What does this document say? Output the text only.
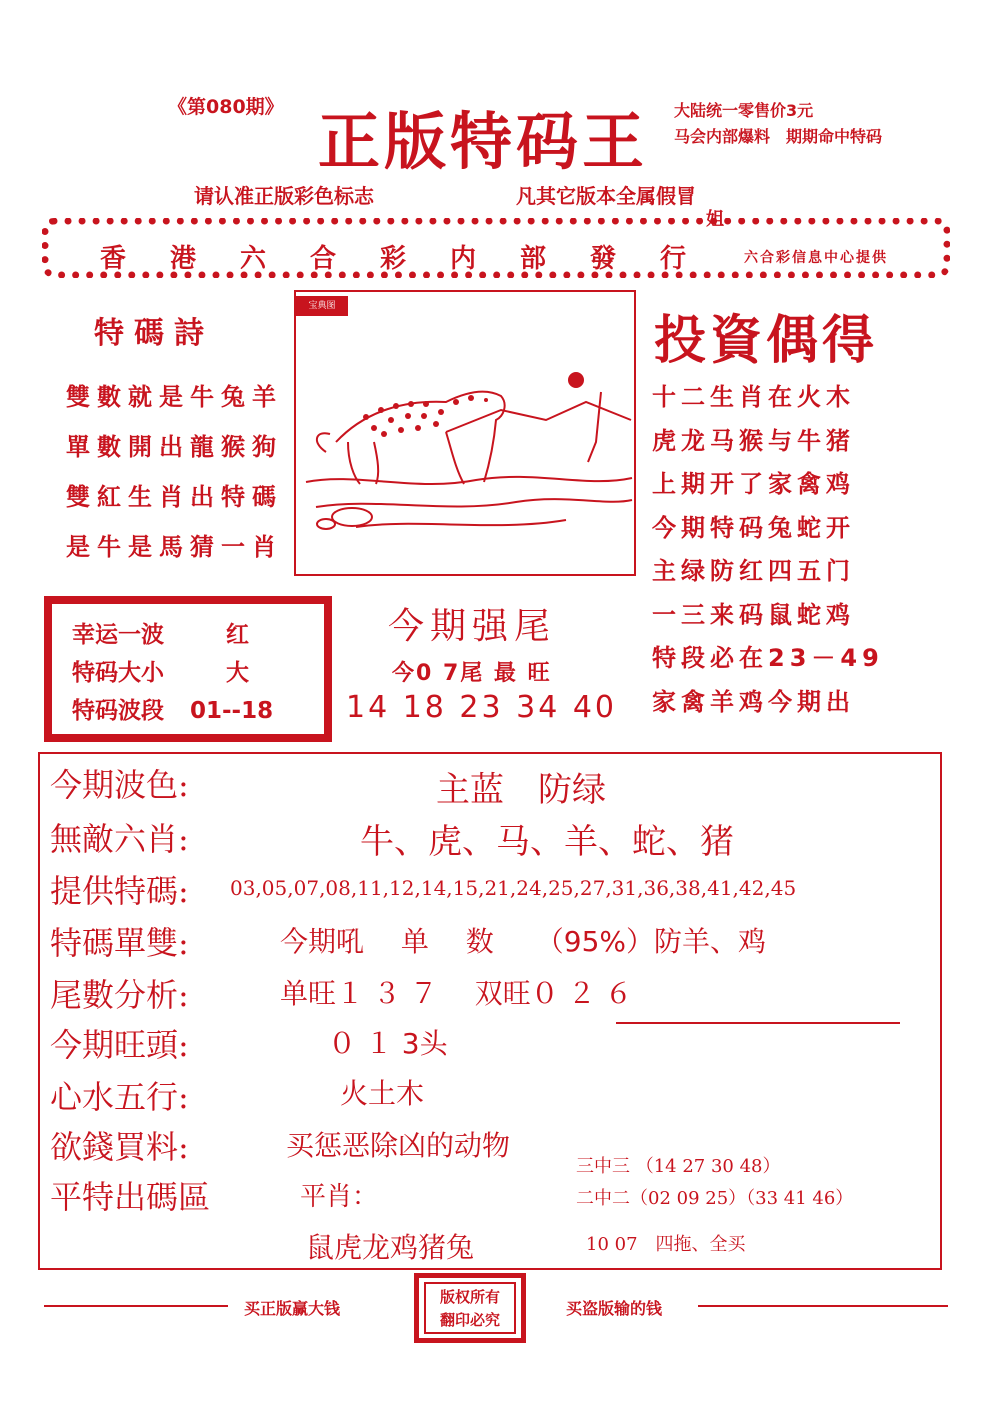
《第080期》 正版特码王 大陆统一零售价3元
马会内部爆料　期期命中特码
请认准正版彩色标志	凡其它版本全属假冒
姐
香港六合彩内部發行 六合彩信息中心提供
特碼詩
雙數就是牛兔羊
單數開出龍猴狗
雙紅生肖出特碼
是牛是馬猜一肖
宝典图
投資偶得
十二生肖在火木
虎龙马猴与牛猪
上期开了家禽鸡
今期特码兔蛇开
主绿防红四五门
一三来码鼠蛇鸡
特段必在23－49
家禽羊鸡今期出
幸运一波	红
特码大小	大
特码波段 01--18
今期强尾
今0 7尾 最 旺
14 18 23 34 40
今期波色:	主蓝　防绿
無敵六肖:	牛、虎、马、羊、蛇、猪
提供特碼: 03,05,07,08,11,12,14,15,21,24,25,27,31,36,38,41,42,45
特碼單雙:	今期吼　 单　 数　　（95%）防羊、鸡
尾數分析:	单旺１ ３ ７　 双旺０ ２ ６
今期旺頭:	０ １ 3头
心水五行:	火土木
欲錢買料:	买惩恶除凶的动物
平特出碼區	平肖：
鼠虎龙鸡猪兔
三中三 （14 27 30 48）
二中二（02 09 25）（33 41 46）
10 07　四拖、全买
买正版赢大钱
版权所有
翻印必究
买盗版输的钱
